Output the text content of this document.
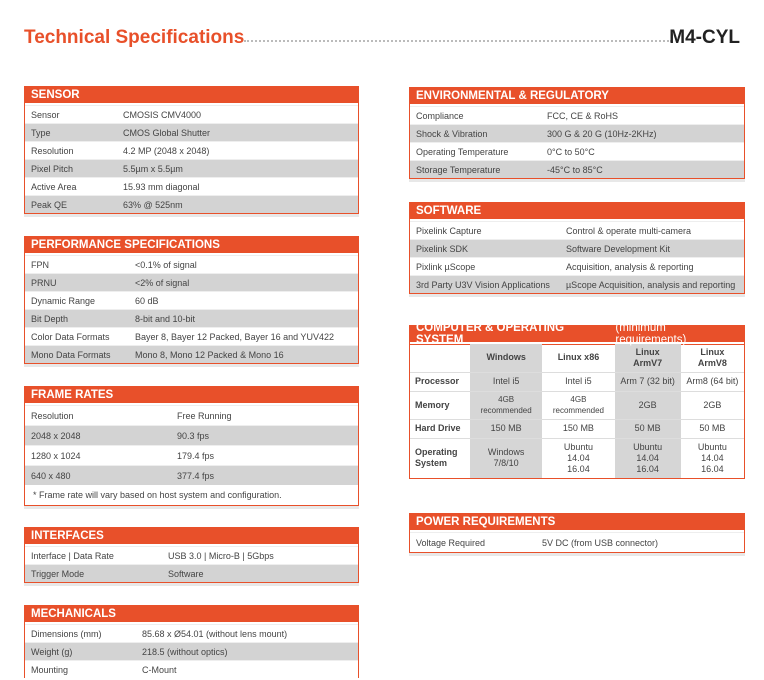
Technical Specifications	M4-CYL
SENSOR
Sensor	CMOSIS CMV4000
Type	CMOS Global Shutter
Resolution	4.2 MP (2048 x 2048)
Pixel Pitch	5.5µm x 5.5µm
Active Area	15.93 mm diagonal
Peak QE	63% @ 525nm
PERFORMANCE SPECIFICATIONS
FPN	<0.1% of signal
PRNU	<2% of signal
Dynamic Range	60 dB
Bit Depth	8-bit and 10-bit
Color Data Formats	Bayer 8, Bayer 12 Packed, Bayer 16 and YUV422
Mono Data Formats	Mono 8, Mono 12 Packed & Mono 16
FRAME RATES
Resolution	Free Running
2048 x 2048	90.3 fps
1280 x 1024	179.4 fps
640 x 480	377.4 fps
* Frame rate will vary based on host system and configuration.
INTERFACES
Interface | Data Rate	USB 3.0 | Micro-B | 5Gbps
Trigger Mode	Software
MECHANICALS
Dimensions (mm)	85.68 x Ø54.01 (without lens mount)
Weight (g)	218.5 (without optics)
Mounting	C-Mount
ENVIRONMENTAL & REGULATORY
Compliance	FCC, CE & RoHS
Shock & Vibration	300 G & 20 G (10Hz-2KHz)
Operating Temperature	0°C to 50°C
Storage Temperature	-45°C to 85°C
SOFTWARE
Pixelink Capture	Control & operate multi-camera
Pixelink SDK	Software Development Kit
Pixlink µScope	Acquisition, analysis & reporting
3rd Party U3V Vision Applications	µScope Acquisition, analysis and reporting
COMPUTER & OPERATING SYSTEM
(minimum requirements)
	Windows	Linux x86	Linux ArmV7	Linux ArmV8
Processor	Intel i5	Intel i5	Arm 7 (32 bit)	Arm8 (64 bit)
Memory	4GB recommended	4GB recommended	2GB	2GB
Hard Drive	150 MB	150 MB	50 MB	50 MB
Operating System	Windows 7/8/10	Ubuntu 14.04 16.04	Ubuntu 14.04 16.04	Ubuntu 14.04 16.04
POWER REQUIREMENTS
Voltage Required	5V DC (from USB connector)
